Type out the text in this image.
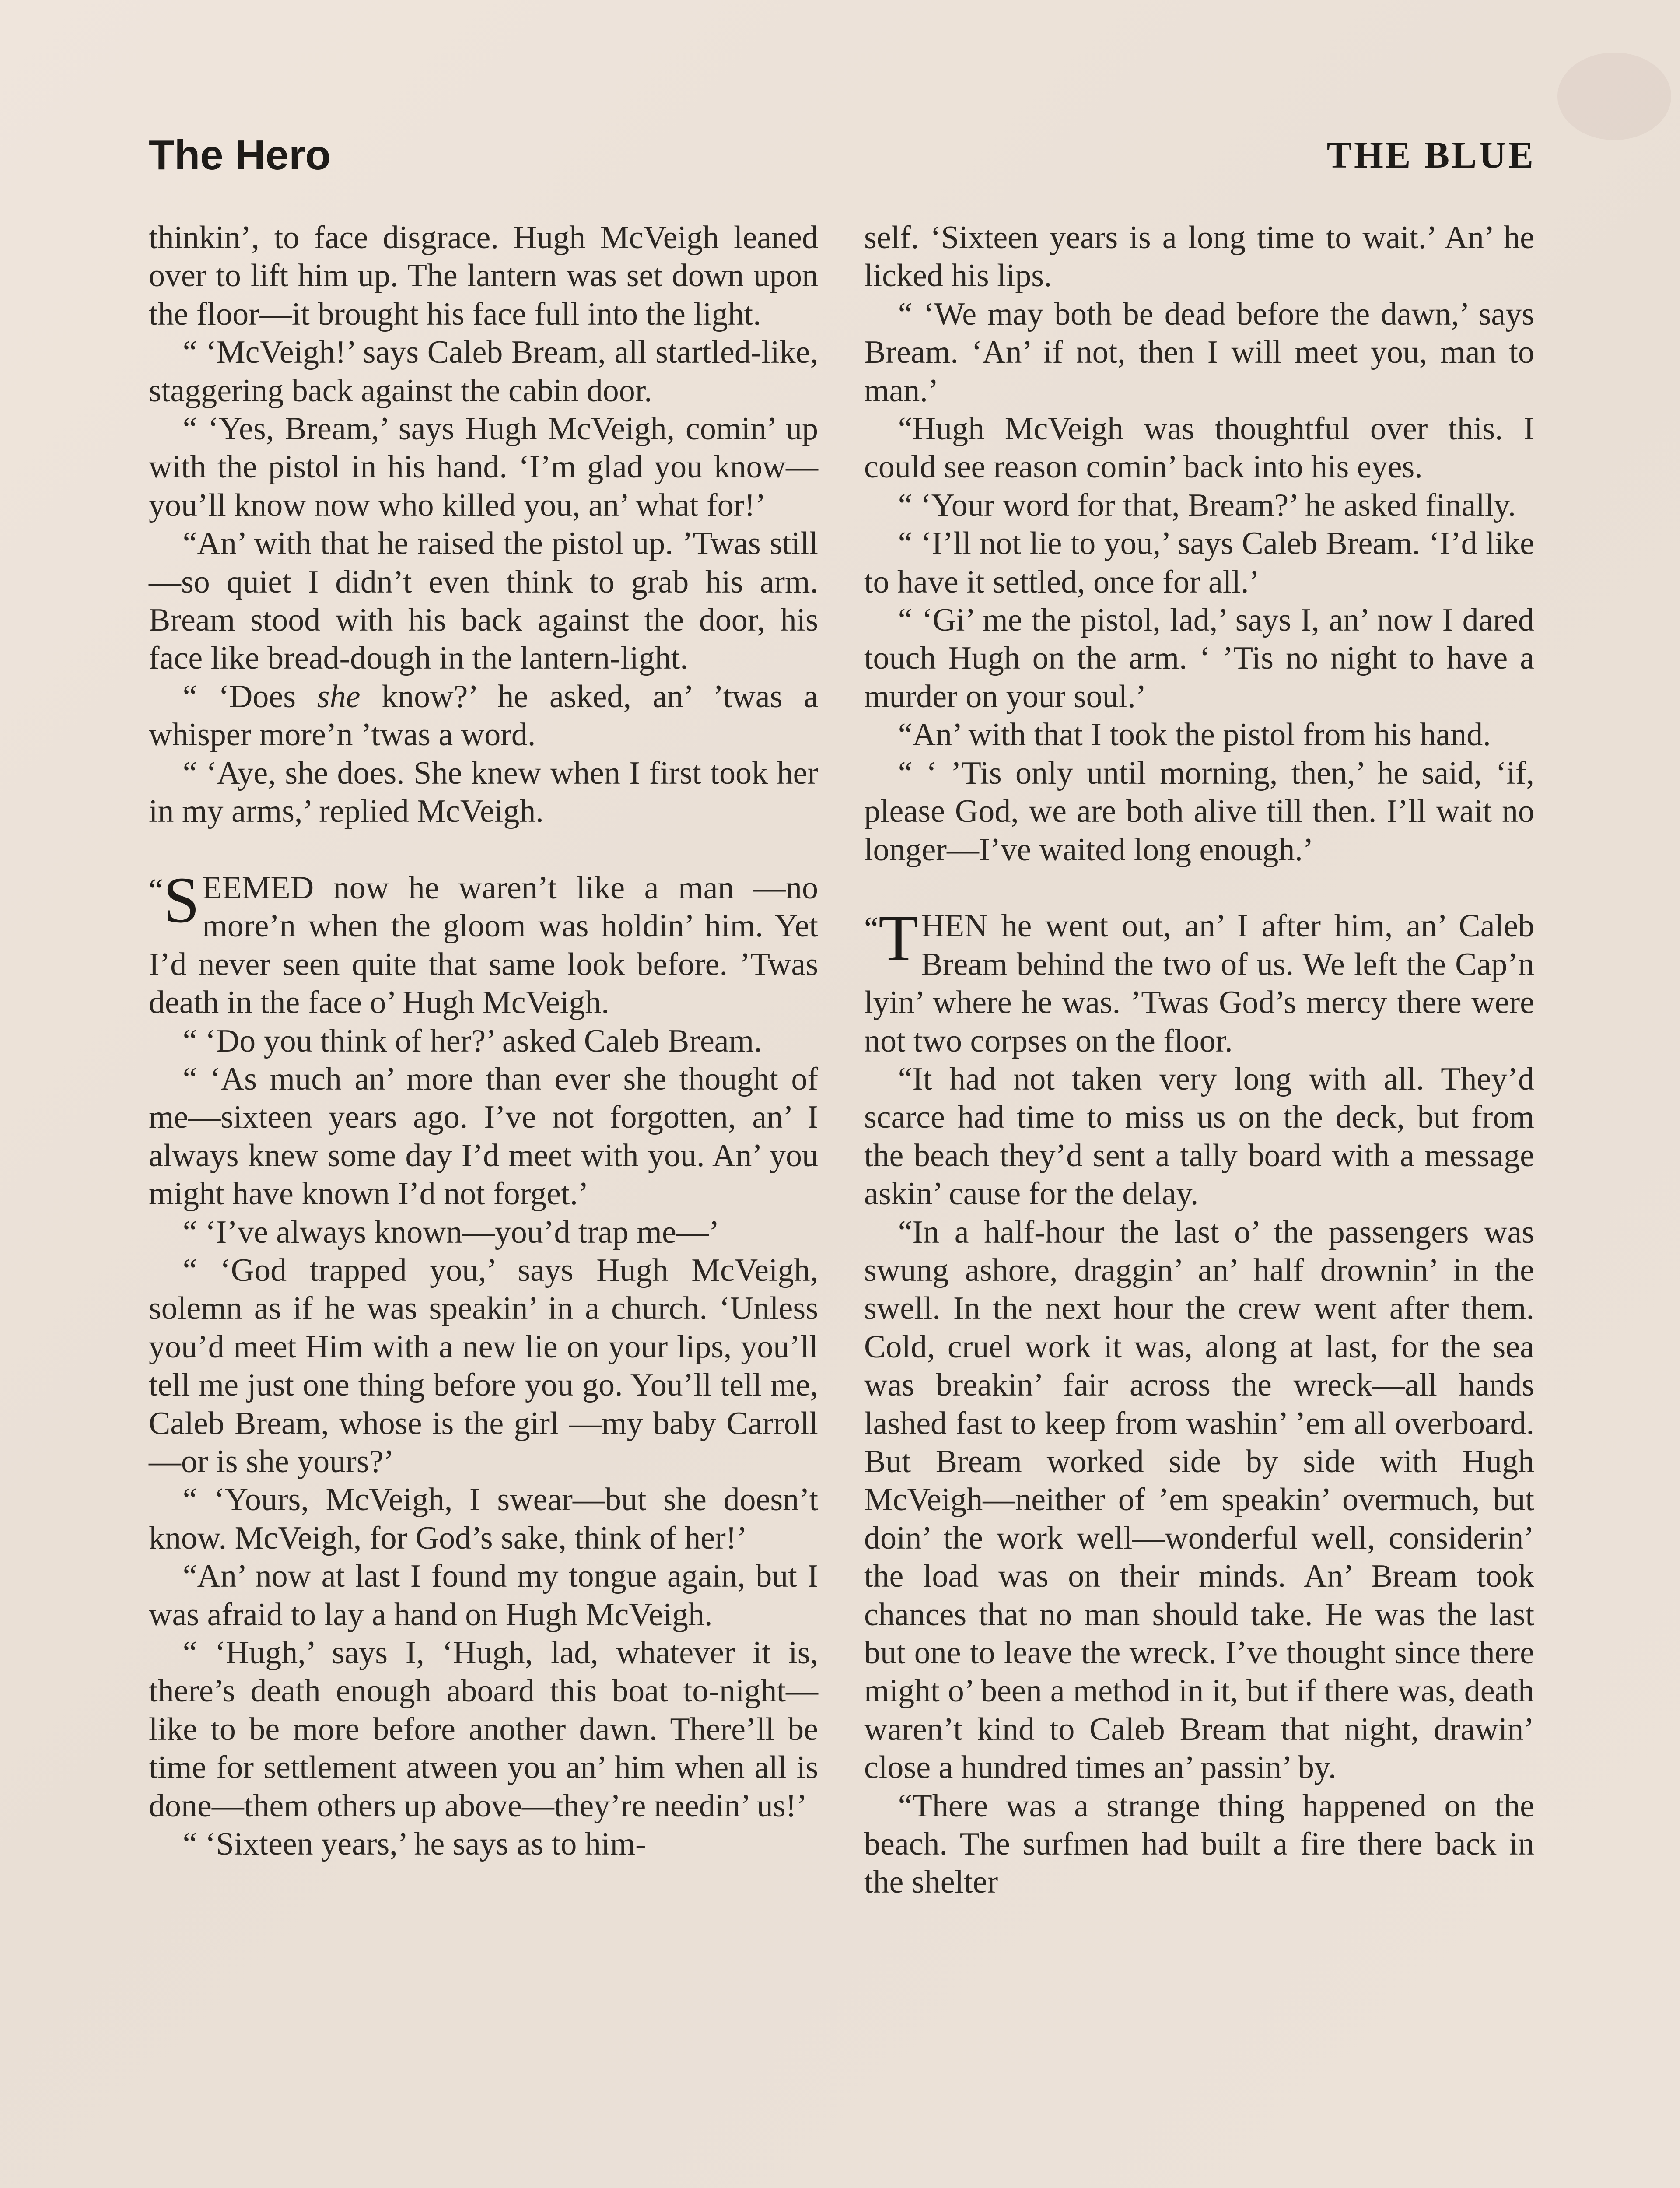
The Hero	THE BLUE

thinkin’, to face disgrace. Hugh McVeigh leaned over to lift him up. The lantern was set down upon the floor—it brought his face full into the light.

“ ‘McVeigh!’ says Caleb Bream, all startled-like, staggering back against the cabin door.

“ ‘Yes, Bream,’ says Hugh McVeigh, comin’ up with the pistol in his hand. ‘I’m glad you know—you’ll know now who killed you, an’ what for!’

“An’ with that he raised the pistol up. ’Twas still—so quiet I didn’t even think to grab his arm. Bream stood with his back against the door, his face like bread-dough in the lantern-light.

“ ‘Does she know?’ he asked, an’ ’twas a whisper more’n ’twas a word.

“ ‘Aye, she does. She knew when I first took her in my arms,’ replied McVeigh.

“S EEMED now he waren’t like a man —no more’n when the gloom was holdin’ him. Yet I’d never seen quite that same look before. ’Twas death in the face o’ Hugh McVeigh.

“ ‘Do you think of her?’ asked Caleb Bream.

“ ‘As much an’ more than ever she thought of me—sixteen years ago. I’ve not forgotten, an’ I always knew some day I’d meet with you. An’ you might have known I’d not forget.’

“ ‘I’ve always known—you’d trap me—’

“ ‘God trapped you,’ says Hugh McVeigh, solemn as if he was speakin’ in a church. ‘Unless you’d meet Him with a new lie on your lips, you’ll tell me just one thing before you go. You’ll tell me, Caleb Bream, whose is the girl —my baby Carroll—or is she yours?’

“ ‘Yours, McVeigh, I swear—but she doesn’t know. McVeigh, for God’s sake, think of her!’

“An’ now at last I found my tongue again, but I was afraid to lay a hand on Hugh McVeigh.

“ ‘Hugh,’ says I, ‘Hugh, lad, whatever it is, there’s death enough aboard this boat to-night—like to be more before another dawn. There’ll be time for settlement atween you an’ him when all is done—them others up above—they’re needin’ us!’

“ ‘Sixteen years,’ he says as to him-

self. ‘Sixteen years is a long time to wait.’ An’ he licked his lips.

“ ‘We may both be dead before the dawn,’ says Bream. ‘An’ if not, then I will meet you, man to man.’

“Hugh McVeigh was thoughtful over this. I could see reason comin’ back into his eyes.

“ ‘Your word for that, Bream?’ he asked finally.

“ ‘I’ll not lie to you,’ says Caleb Bream. ‘I’d like to have it settled, once for all.’

“ ‘Gi’ me the pistol, lad,’ says I, an’ now I dared touch Hugh on the arm. ‘ ’Tis no night to have a murder on your soul.’

“An’ with that I took the pistol from his hand.

“ ‘ ’Tis only until morning, then,’ he said, ‘if, please God, we are both alive till then. I’ll wait no longer—I’ve waited long enough.’

“T HEN he went out, an’ I after him, an’ Caleb Bream behind the two of us. We left the Cap’n lyin’ where he was. ’Twas God’s mercy there were not two corpses on the floor.

“It had not taken very long with all. They’d scarce had time to miss us on the deck, but from the beach they’d sent a tally board with a message askin’ cause for the delay.

“In a half-hour the last o’ the passengers was swung ashore, draggin’ an’ half drownin’ in the swell. In the next hour the crew went after them. Cold, cruel work it was, along at last, for the sea was breakin’ fair across the wreck—all hands lashed fast to keep from washin’ ’em all overboard. But Bream worked side by side with Hugh McVeigh—neither of ’em speakin’ overmuch, but doin’ the work well—wonderful well, considerin’ the load was on their minds. An’ Bream took chances that no man should take. He was the last but one to leave the wreck. I’ve thought since there might o’ been a method in it, but if there was, death waren’t kind to Caleb Bream that night, drawin’ close a hundred times an’ passin’ by.

“There was a strange thing happened on the beach. The surfmen had built a fire there back in the shelter
